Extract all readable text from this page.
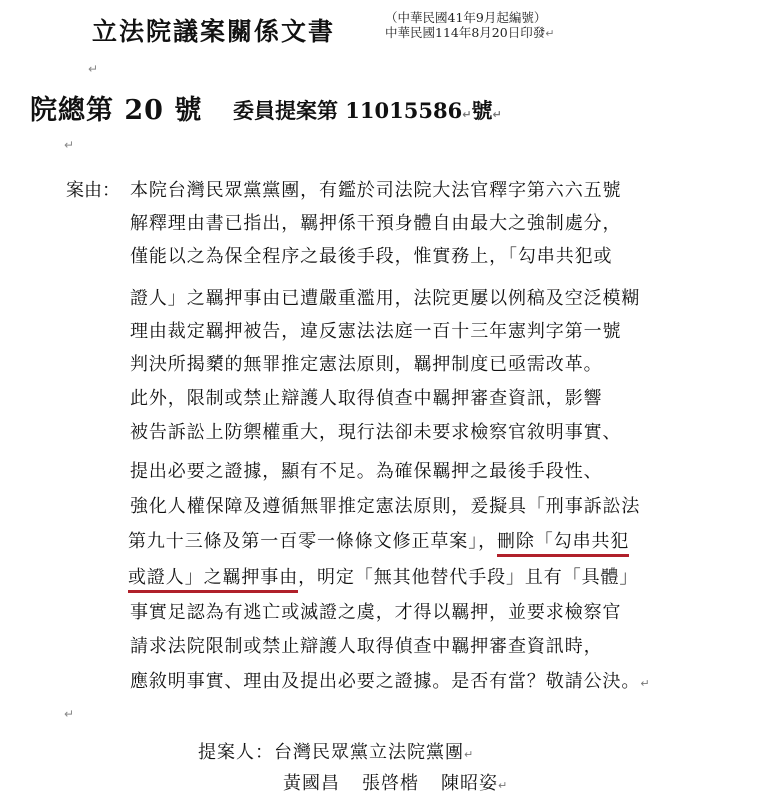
立法院議案關係文書	（中華民國41年9月起編號）
中華民國114年8月20日印發↵
↵
院總第 20 號 委員提案第 11015586↵號↵
↵
案由： 本院台灣民眾黨黨團，有鑑於司法院大法官釋字第六六五號
解釋理由書已指出，羈押係干預身體自由最大之強制處分，
僅能以之為保全程序之最後手段，惟實務上，「勾串共犯或
證人」之羈押事由已遭嚴重濫用，法院更屢以例稿及空泛模糊
理由裁定羈押被告，違反憲法法庭一百十三年憲判字第一號
判決所揭櫫的無罪推定憲法原則，羈押制度已亟需改革。
此外，限制或禁止辯護人取得偵查中羈押審查資訊，影響
被告訴訟上防禦權重大，現行法卻未要求檢察官敘明事實、
提出必要之證據，顯有不足。為確保羈押之最後手段性、
強化人權保障及遵循無罪推定憲法原則，爰擬具「刑事訴訟法
第九十三條及第一百零一條條文修正草案」，刪除「勾串共犯
或證人」之羈押事由，明定「無其他替代手段」且有「具體」
事實足認為有逃亡或滅證之虞，才得以羈押，並要求檢察官
請求法院限制或禁止辯護人取得偵查中羈押審查資訊時，
應敘明事實、理由及提出必要之證據。是否有當？敬請公決。↵
↵
提案人：台灣民眾黨立法院黨團↵
黃國昌 張啓楷 陳昭姿↵
